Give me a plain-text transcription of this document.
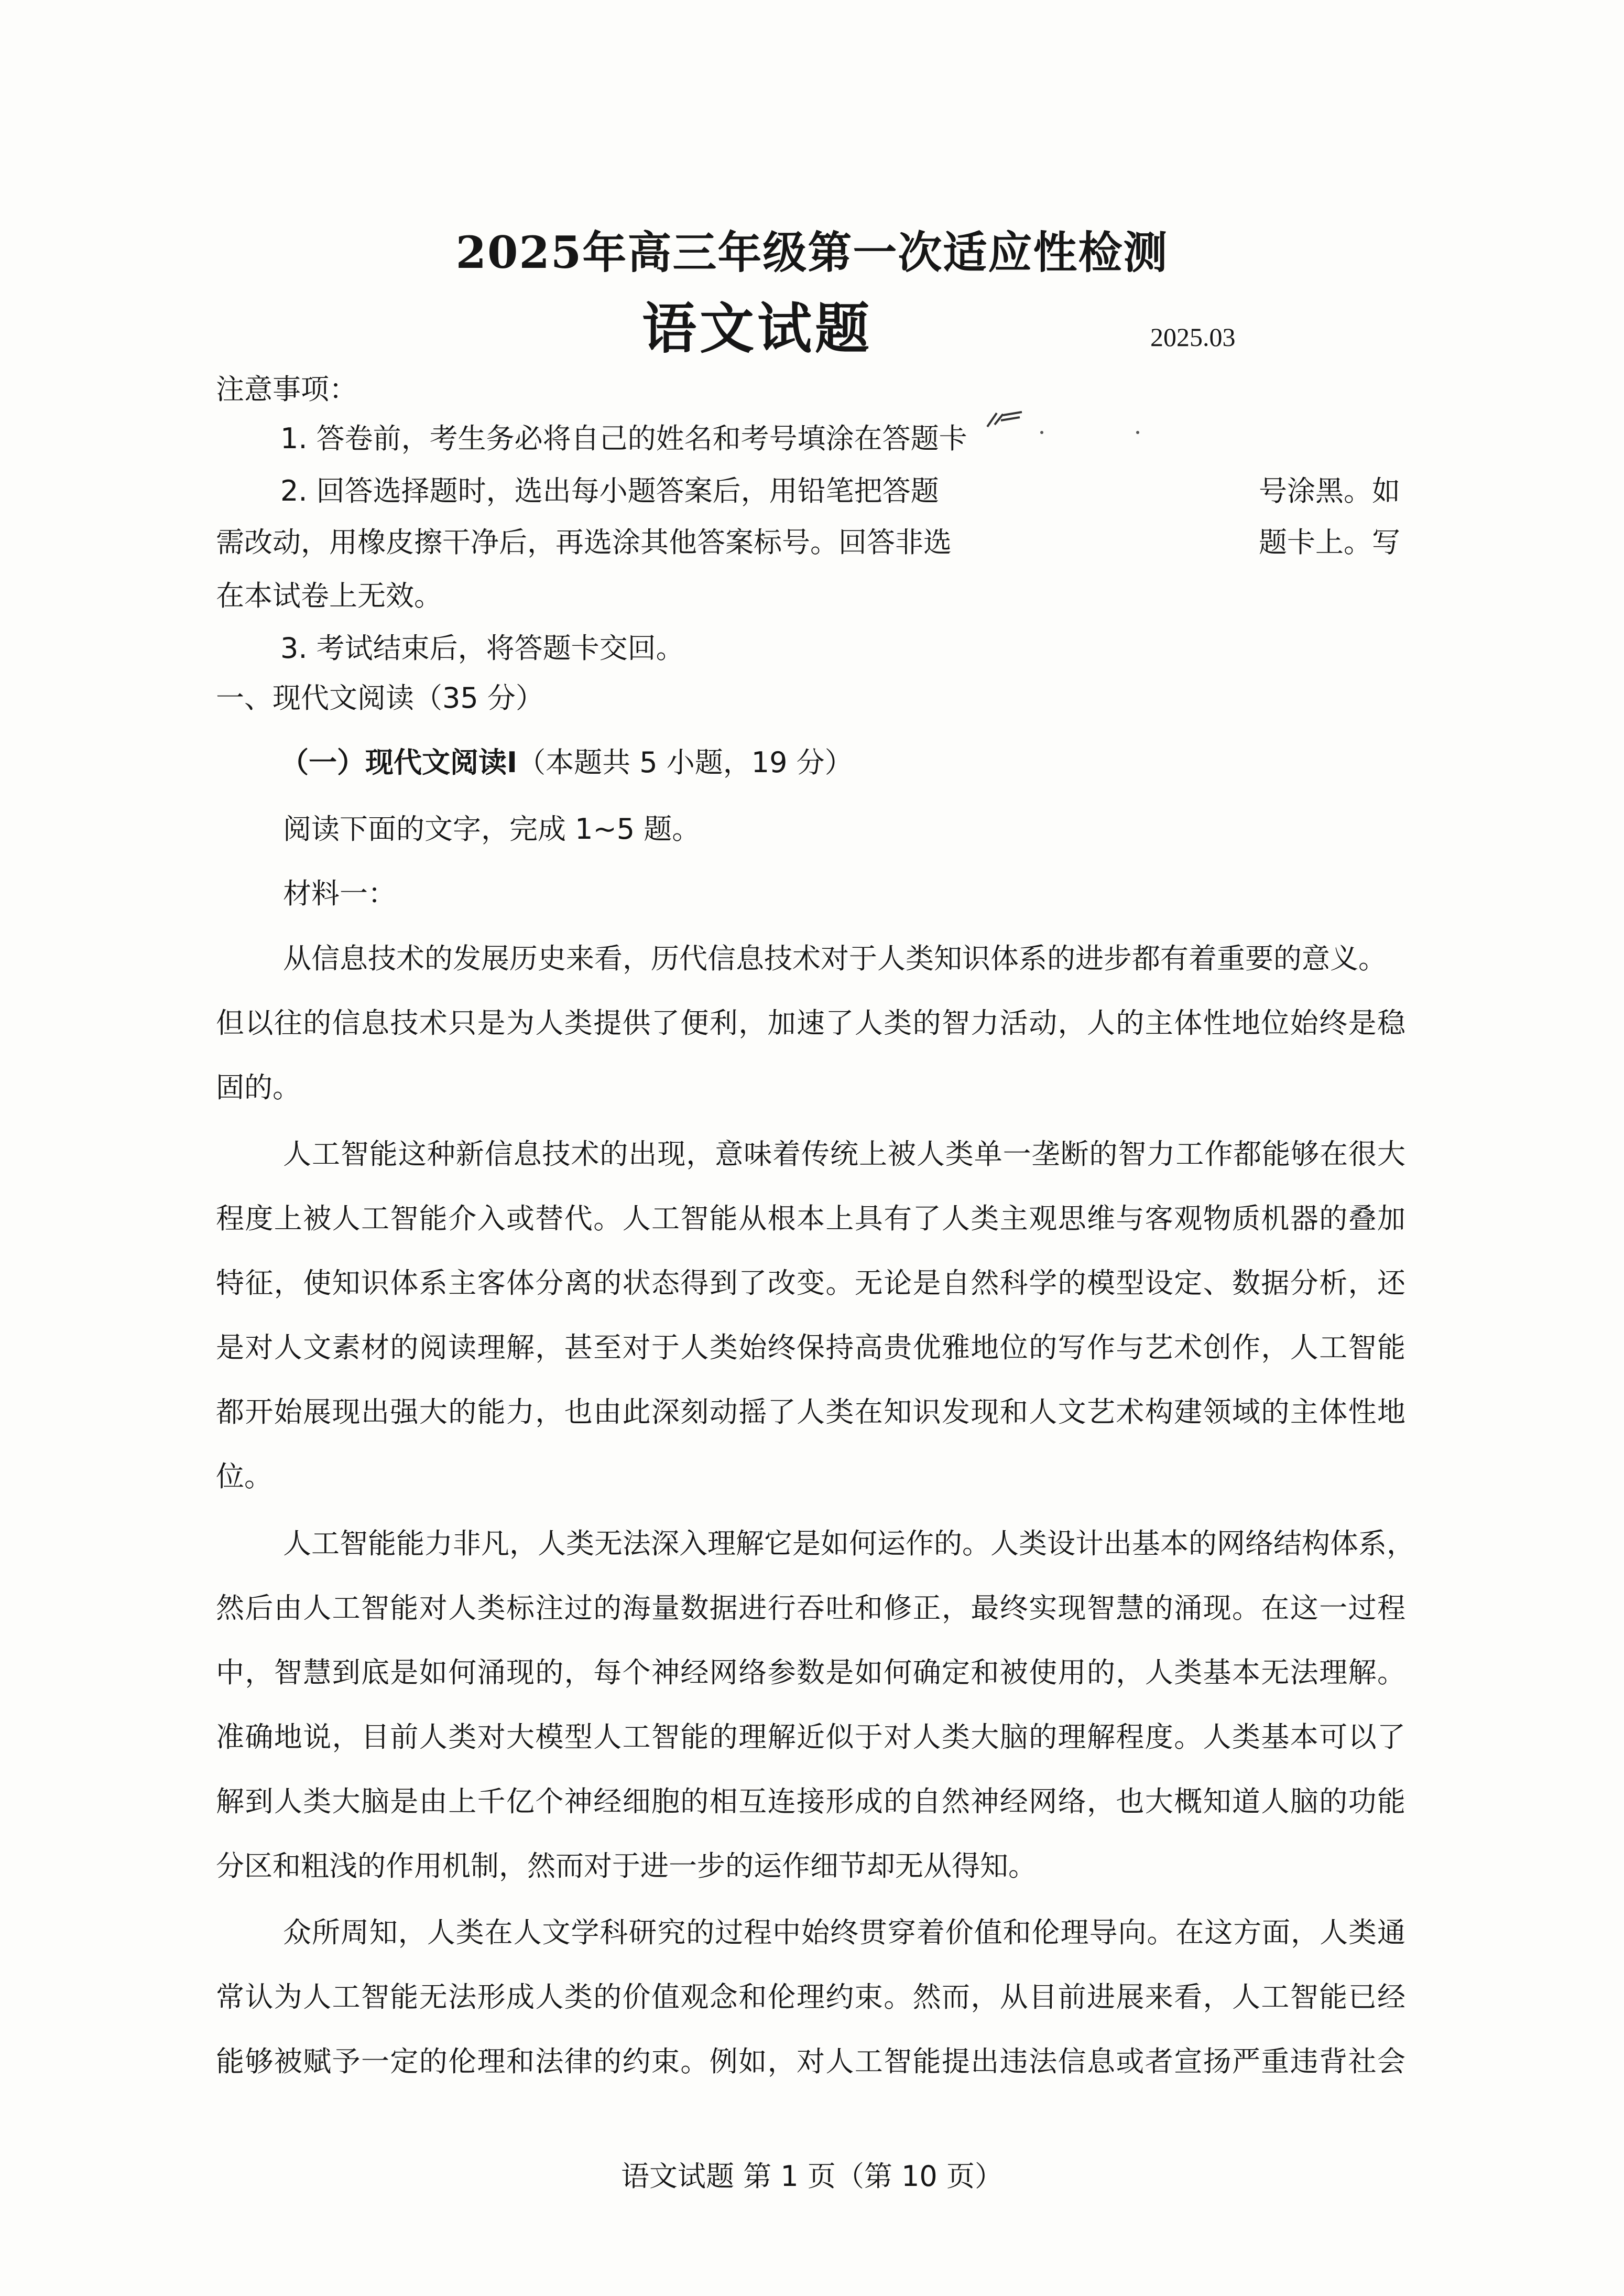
2025年高三年级第一次适应性检测
语文试题	2025.03
注意事项：
1. 答卷前，考生务必将自己的姓名和考号填涂在答题卡
2. 回答选择题时，选出每小题答案后，用铅笔把答题	号涂黑。如
需改动，用橡皮擦干净后，再选涂其他答案标号。回答非选	题卡上。写
在本试卷上无效。
3. 考试结束后，将答题卡交回。
一、现代文阅读（35 分）
（一）现代文阅读Ⅰ（本题共 5 小题，19 分）
阅读下面的文字，完成 1~5 题。
材料一：
从信息技术的发展历史来看，历代信息技术对于人类知识体系的进步都有着重要的意义。
但以往的信息技术只是为人类提供了便利，加速了人类的智力活动，人的主体性地位始终是稳
固的。
人工智能这种新信息技术的出现，意味着传统上被人类单一垄断的智力工作都能够在很大
程度上被人工智能介入或替代。人工智能从根本上具有了人类主观思维与客观物质机器的叠加
特征，使知识体系主客体分离的状态得到了改变。无论是自然科学的模型设定、数据分析，还
是对人文素材的阅读理解，甚至对于人类始终保持高贵优雅地位的写作与艺术创作，人工智能
都开始展现出强大的能力，也由此深刻动摇了人类在知识发现和人文艺术构建领域的主体性地
位。
人工智能能力非凡，人类无法深入理解它是如何运作的。人类设计出基本的网络结构体系，
然后由人工智能对人类标注过的海量数据进行吞吐和修正，最终实现智慧的涌现。在这一过程
中，智慧到底是如何涌现的，每个神经网络参数是如何确定和被使用的，人类基本无法理解。
准确地说，目前人类对大模型人工智能的理解近似于对人类大脑的理解程度。人类基本可以了
解到人类大脑是由上千亿个神经细胞的相互连接形成的自然神经网络，也大概知道人脑的功能
分区和粗浅的作用机制，然而对于进一步的运作细节却无从得知。
众所周知，人类在人文学科研究的过程中始终贯穿着价值和伦理导向。在这方面，人类通
常认为人工智能无法形成人类的价值观念和伦理约束。然而，从目前进展来看，人工智能已经
能够被赋予一定的伦理和法律的约束。例如，对人工智能提出违法信息或者宣扬严重违背社会
语文试题 第 1 页（第 10 页）
